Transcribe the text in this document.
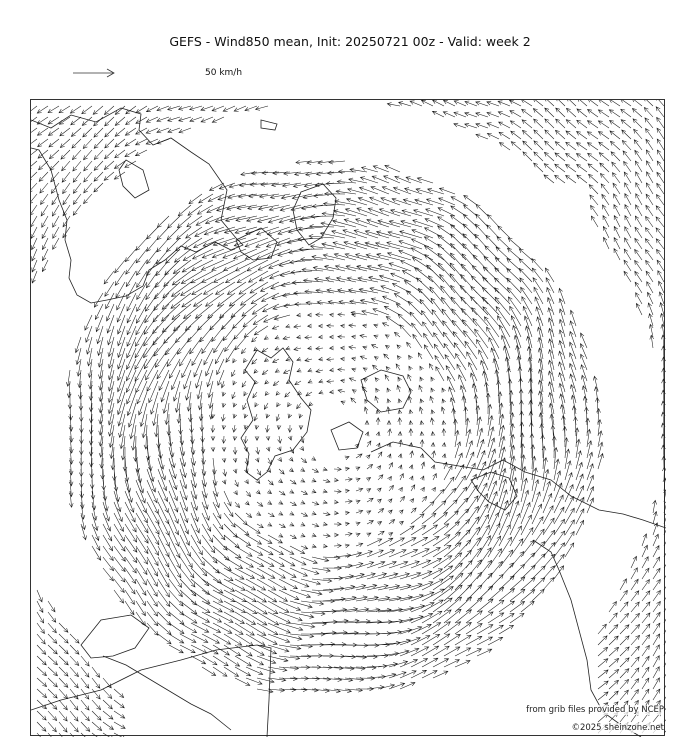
GEFS - Wind850 mean, Init: 20250721 00z - Valid: week 2
50 km/h
from grib files provided by NCEP
©2025 sheinzone.net
